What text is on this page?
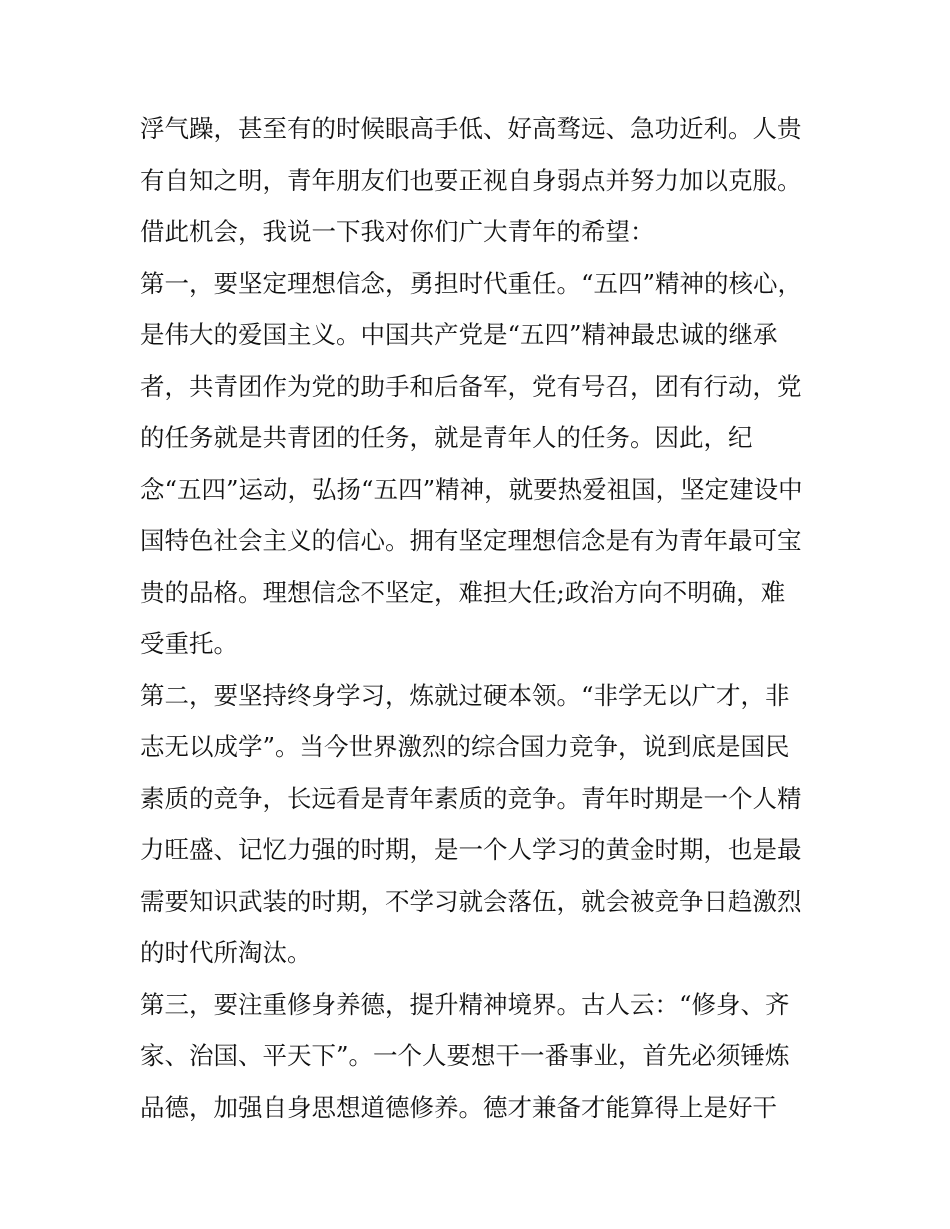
浮气躁，甚至有的时候眼高手低、好高骛远、急功近利。人贵
有自知之明，青年朋友们也要正视自身弱点并努力加以克服。
借此机会，我说一下我对你们广大青年的希望：
第一，要坚定理想信念，勇担时代重任。“五四”精神的核心，
是伟大的爱国主义。中国共产党是“五四”精神最忠诚的继承
者，共青团作为党的助手和后备军，党有号召，团有行动，党
的任务就是共青团的任务，就是青年人的任务。因此，纪
念“五四”运动，弘扬“五四”精神，就要热爱祖国，坚定建设中
国特色社会主义的信心。拥有坚定理想信念是有为青年最可宝
贵的品格。理想信念不坚定，难担大任;政治方向不明确，难
受重托。
第二，要坚持终身学习，炼就过硬本领。“非学无以广才，非
志无以成学”。当今世界激烈的综合国力竞争，说到底是国民
素质的竞争，长远看是青年素质的竞争。青年时期是一个人精
力旺盛、记忆力强的时期，是一个人学习的黄金时期，也是最
需要知识武装的时期，不学习就会落伍，就会被竞争日趋激烈
的时代所淘汰。
第三，要注重修身养德，提升精神境界。古人云：“修身、齐
家、治国、平天下”。一个人要想干一番事业，首先必须锤炼
品德，加强自身思想道德修养。德才兼备才能算得上是好干
